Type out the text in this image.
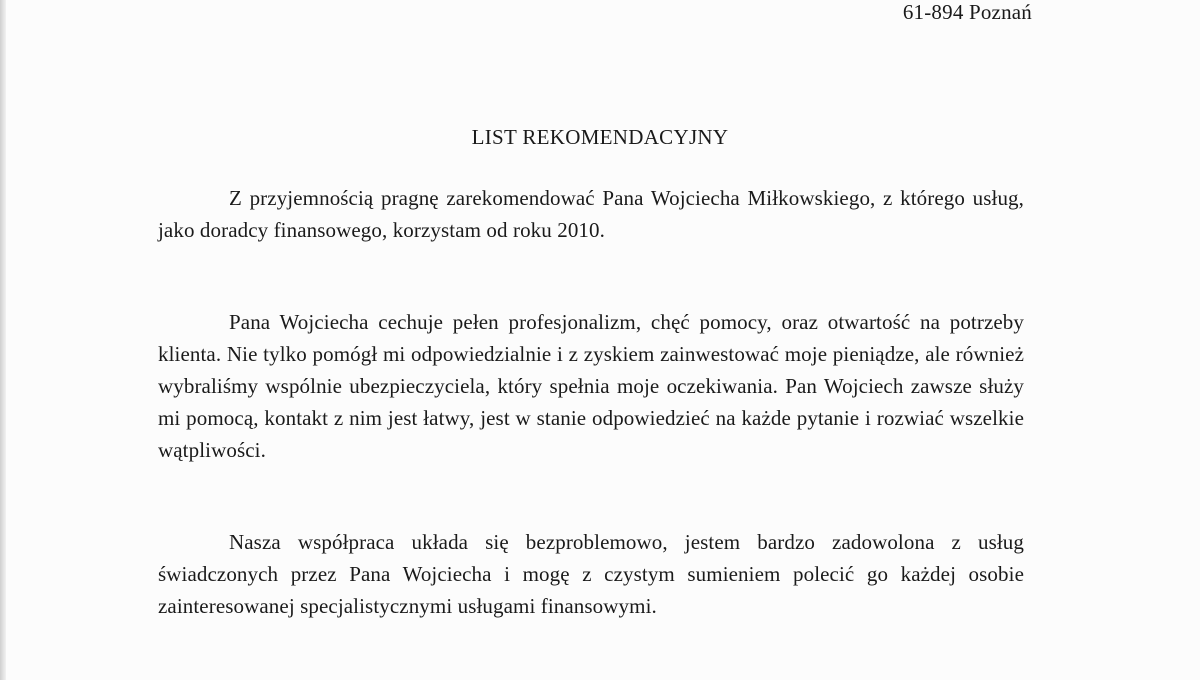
61-894 Poznań
LIST REKOMENDACYJNY

Z przyjemnością pragnę zarekomendować Pana Wojciecha Miłkowskiego, z którego usług, jako doradcy finansowego, korzystam od roku 2010.

Pana Wojciecha cechuje pełen profesjonalizm, chęć pomocy, oraz otwartość na potrzeby klienta. Nie tylko pomógł mi odpowiedzialnie i z zyskiem zainwestować moje pieniądze, ale również wybraliśmy wspólnie ubezpieczyciela, który spełnia moje oczekiwania. Pan Wojciech zawsze służy mi pomocą, kontakt z nim jest łatwy, jest w stanie odpowiedzieć na każde pytanie i rozwiać wszelkie wątpliwości.

Nasza współpraca układa się bezproblemowo, jestem bardzo zadowolona z usług świadczonych przez Pana Wojciecha i mogę z czystym sumieniem polecić go każdej osobie zainteresowanej specjalistycznymi usługami finansowymi.
